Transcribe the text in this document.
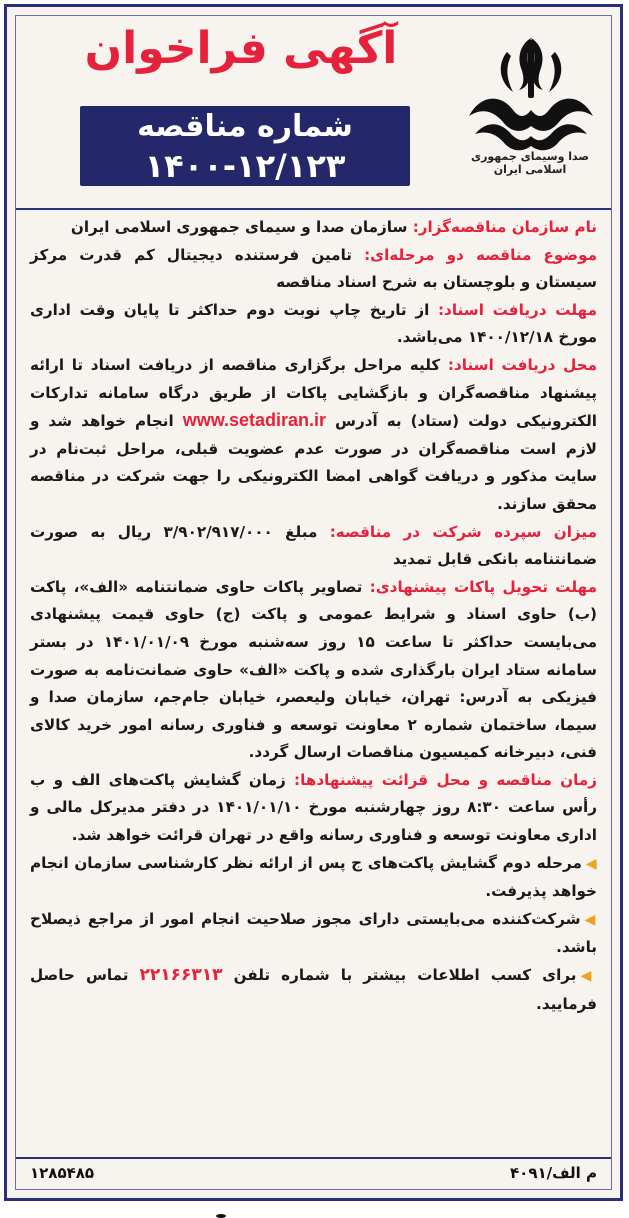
آگهی فراخوان
شماره مناقصه
۱۴۰۰-۱۲/۱۲۳	صدا وسیمای جمهوری اسلامی ایران

نام سازمان مناقصه‌گزار: سازمان صدا و سیمای جمهوری اسلامی ایران

موضوع مناقصه دو مرحله‌ای: تامین فرستنده دیجیتال کم قدرت مرکز سیستان و بلوچستان به شرح اسناد مناقصه

مهلت دریافت اسناد: از تاریخ چاپ نوبت دوم حداکثر تا پایان وقت اداری مورخ ۱۴۰۰/۱۲/۱۸ می‌باشد.

محل دریافت اسناد: کلیه مراحل برگزاری مناقصه از دریافت اسناد تا ارائه پیشنهاد مناقصه‌گران و بازگشایی پاکات از طریق درگاه سامانه تدارکات الکترونیکی دولت (ستاد) به آدرس www.setadiran.ir انجام خواهد شد و لازم است مناقصه‌گران در صورت عدم عضویت قبلی، مراحل ثبت‌نام در سایت مذکور و دریافت گواهی امضا الکترونیکی را جهت شرکت در مناقصه محقق سازند.

میزان سپرده شرکت در مناقصه: مبلغ ۳/۹۰۲/۹۱۷/۰۰۰ ریال به صورت ضمانتنامه بانکی قابل تمدید

مهلت تحویل پاکات پیشنهادی: تصاویر پاکات حاوی ضمانتنامه «الف»، پاکت (ب) حاوی اسناد و شرایط عمومی و پاکت (ج) حاوی قیمت پیشنهادی می‌بایست حداکثر تا ساعت ۱۵ روز سه‌شنبه مورخ ۱۴۰۱/۰۱/۰۹ در بستر سامانه ستاد ایران بارگذاری شده و پاکت «الف» حاوی ضمانت‌نامه به صورت فیزیکی به آدرس: تهران، خیابان ولیعصر، خیابان جام‌جم، سازمان صدا و سیما، ساختمان شماره ۲ معاونت توسعه و فناوری رسانه امور خرید کالای فنی، دبیرخانه کمیسیون مناقصات ارسال گردد.

زمان مناقصه و محل قرائت پیشنهادها: زمان گشایش پاکت‌های الف و ب رأس ساعت ۸:۳۰ روز چهارشنبه مورخ ۱۴۰۱/۰۱/۱۰ در دفتر مدیرکل مالی و اداری معاونت توسعه و فناوری رسانه واقع در تهران قرائت خواهد شد.

◀مرحله دوم گشایش پاکت‌های ج پس از ارائه نظر کارشناسی سازمان انجام خواهد پذیرفت.

◀شرکت‌کننده می‌بایستی دارای مجوز صلاحیت انجام امور از مراجع ذیصلاح باشد.

◀برای کسب اطلاعات بیشتر با شماره تلفن ۲۲۱۶۶۳۱۳ تماس حاصل فرمایید.

۱۲۸۵۴۸۵	م الف/۴۰۹۱
